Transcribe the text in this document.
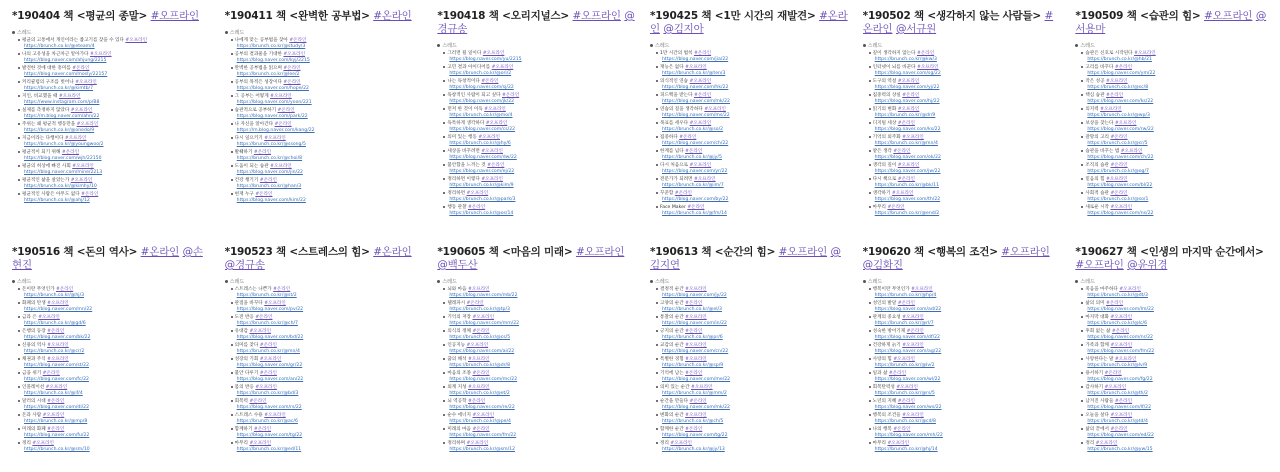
*190404 책 <평균의 종말> #오프라인
스레드
평균의 고통에서 개인이라는 좁고기를 찾을 수 있다 #오프라인
https://brunch.co.kr/@eteam/4
나의 고유성을 차근차근 알아가다 #오프라인
https://blog.naver.com/ahjung/2215
발견한 것에 대한 흥미를 #온라인
https://blog.naver.com/mosly/22157
커리큘럼의 구조를 벗어나 #오프라인
https://brunch.co.kr/@kimtb/7
지인, 비교했을 때 #오프라인
https://www.instagram.com/p/B8
실제를 측정하지 않았다 #오프라인
https://m.blog.naver.com/ahn/22
주위는 왜 평균적 행동만을 #오프라인
https://brunch.co.kr/@onedo/9
지금이라는 다행이다 #오프라인
https://brunch.co.kr/@youngwoo/2
평균적이 되기 위해 #온라인
https://blog.naver.com/wjh/22150
평균의 허상에 빠진 사회 #오프라인
https://blog.naver.com/mine/2213
평균적인 삶을 살았는가 #오프라인
https://brunch.co.kr/@kimhy/10
평균적인 사람은 아무도 없다 #온라인
https://brunch.co.kr/@ahj/12
*190411 책 <완벽한 공부법> #온라인
스레드
나에게 맞는 공부법을 찾아 #온라인
https://brunch.co.kr/@study/3
공부의 결과물을 기대한 #오프라인
https://blog.naver.com/kyj/2215
완벽한 공부법을 읽으며 #온라인
https://brunch.co.kr/@lee/2
공부의 목적은 성장이다 #온라인
https://blog.naver.com/hope/22
그 공부는 어떻게 #오프라인
https://blog.naver.com/yoon/221
습관적으로 공부하기 #온라인
https://blog.naver.com/park/22
나 자신을 알아간다 #온라인
https://m.blog.naver.com/kang/22
다시 일으키기 #오프라인
https://brunch.co.kr/@ssong/5
발췌하기 #온라인
https://brunch.co.kr/@choi/8
도움이 되는 습관 #오프라인
https://blog.naver.com/jin/22
건강 챙기기 #온라인
https://brunch.co.kr/@han/3
현재 누구 #온라인
https://blog.naver.com/kim/22
*190418 책 <오리지널스> #오프라인 @경규송
스레드
그러면 될 일이다 #오프라인
https://blog.naver.com/yu/2215
고민 결과 아이디어를 #오프라인
https://brunch.co.kr/@ori/2
나는 독창적이다 #온라인
https://blog.naver.com/sj/22
독창적인 사람이 되고 싶다 #온라인
https://blog.naver.com/jk/22
먼저 한 것이 이득 #오프라인
https://brunch.co.kr/@mo/4
독특하게 생각하다 #오프라인
https://blog.naver.com/cs/22
의미 있는 행동 #오프라인
https://brunch.co.kr/@hy/6
세상을 바꾸려면 #오프라인
https://blog.naver.com/dw/22
불안함을 느끼는 것 #온라인
https://blog.naver.com/ej/22
정리하면 이렇다 #오프라인
https://brunch.co.kr/@kim/9
정리하면 #오프라인
https://brunch.co.kr/@park/3
행동 관찰 #온라인
https://brunch.co.kr/@os/14
*190425 책 <1만 시간의 재발견> #온라인 @김지아
스레드
1만 시간의 법칙 #온라인
https://blog.naver.com/jia/22
재능은 없다 #오프라인
https://brunch.co.kr/@ten/3
의식적인 연습 #오프라인
https://blog.naver.com/hk/22
피드백을 받는다 #온라인
https://blog.naver.com/mk/22
연습의 질을 생각하다 #오프라인
https://blog.naver.com/ms/22
목표를 세우다 #오프라인
https://brunch.co.kr/@so/2
집중하다 #온라인
https://blog.naver.com/ch/22
한계를 넘다 #온라인
https://brunch.co.kr/@jy/5
다시 처음으로 #오프라인
https://blog.naver.com/yr/22
전문가가 되려면 #오프라인
https://brunch.co.kr/@im/7
꾸준함 #온라인
https://blog.naver.com/by/22
Face Maker #온라인
https://brunch.co.kr/@fm/14
*190502 책 <생각하지 않는 사람들> #온라인 @서규원
스레드
깊이 생각하지 않는다 #온라인
https://brunch.co.kr/@kw/3
인터넷이 뇌를 바꾼다 #오프라인
https://blog.naver.com/sg/22
도구의 역설 #오프라인
https://blog.naver.com/yj/22
집중력의 상실 #온라인
https://blog.naver.com/hj/22
읽기의 변화 #오프라인
https://brunch.co.kr/@dr/9
디지털 세상 #온라인
https://blog.naver.com/ks/22
기억의 외주화 #오프라인
https://brunch.co.kr/@mn/4
얕은 생각 #온라인
https://blog.naver.com/ok/22
생각의 깊이 #오프라인
https://blog.naver.com/jw/22
다시 책으로 #온라인
https://brunch.co.kr/@bk/11
생각하기 #오프라인
https://blog.naver.com/th/22
마무리 #온라인
https://brunch.co.kr/@end/2
*190509 책 <습관의 힘> #오프라인 @서용마
스레드
습관은 신호로 시작된다 #오프라인
https://brunch.co.kr/@hb/21
고리를 바꾸다 #온라인
https://blog.naver.com/ym/22
작은 성공 #오프라인
https://brunch.co.kr/@sc/8
핵심 습관 #온라인
https://blog.naver.com/ks/22
의지력 #오프라인
https://brunch.co.kr/@wp/3
보상을 찾는다 #오프라인
https://blog.naver.com/rw/22
갈망의 고리 #온라인
https://brunch.co.kr/@cr/5
습관을 바꾸는 법 #오프라인
https://blog.naver.com/ch/22
조직의 습관 #온라인
https://brunch.co.kr/@og/7
믿음의 힘 #오프라인
https://blog.naver.com/bl/22
사회적 습관 #온라인
https://brunch.co.kr/@so/1
새로운 시작 #오프라인
https://blog.naver.com/ns/22
*190516 책 <돈의 역사> #온라인 @손현진
스레드
돈이란 무엇인가 #온라인
https://brunch.co.kr/@hj/3
화폐의 탄생 #오프라인
https://blog.naver.com/mn/22
금과 은 #오프라인
https://brunch.co.kr/@gd/6
은행의 등장 #온라인
https://blog.naver.com/bk/22
신용의 역사 #오프라인
https://brunch.co.kr/@cr/2
채권과 주식 #오프라인
https://blog.naver.com/st/22
금융 위기 #온라인
https://blog.naver.com/fc/22
인플레이션 #오프라인
https://brunch.co.kr/@if/4
달러의 시대 #온라인
https://blog.naver.com/dl/22
돈과 사람 #오프라인
https://brunch.co.kr/@mp/8
미래의 화폐 #온라인
https://blog.naver.com/fu/22
정리 #오프라인
https://brunch.co.kr/@sm/10
*190523 책 <스트레스의 힘> #온라인 @경규송
스레드
스트레스는 나쁜가 #온라인
https://brunch.co.kr/@st/2
관점을 바꾸다 #오프라인
https://blog.naver.com/pv/22
도전 반응 #온라인
https://brunch.co.kr/@ch/7
유대감 #오프라인
https://blog.naver.com/bd/22
의미를 찾다 #온라인
https://brunch.co.kr/@mn/4
성장의 기회 #오프라인
https://blog.naver.com/gr/22
불안 다루기 #온라인
https://blog.naver.com/an/22
몸의 반응 #오프라인
https://brunch.co.kr/@bd/3
회복력 #온라인
https://blog.naver.com/rs/22
스트레스 수용 #오프라인
https://brunch.co.kr/@ac/6
함께하기 #온라인
https://blog.naver.com/tg/22
마무리 #오프라인
https://brunch.co.kr/@ed/11
*190605 책 <마음의 미래> #오프라인 @백두산
스레드
뇌와 마음 #오프라인
https://blog.naver.com/mb/22
텔레파시 #온라인
https://brunch.co.kr/@tp/3
기억의 저장 #오프라인
https://blog.naver.com/mm/22
의식의 정체 #온라인
https://brunch.co.kr/@cs/5
인공지능 #오프라인
https://blog.naver.com/ai/22
꿈의 해석 #오프라인
https://brunch.co.kr/@dr/8
마음의 조종 #온라인
https://blog.naver.com/mc/22
외계 지성 #오프라인
https://brunch.co.kr/@et/2
뇌 역공학 #온라인
https://blog.naver.com/re/22
순수 에너지 #오프라인
https://brunch.co.kr/@pe/4
미래의 마음 #온라인
https://blog.naver.com/fm/22
정리하며 #오프라인
https://brunch.co.kr/@sm/12
*190613 책 <순간의 힘> #오프라인 @김지연
스레드
결정적 순간 #오프라인
https://blog.naver.com/jy/22
고양의 순간 #온라인
https://brunch.co.kr/@el/3
통찰의 순간 #오프라인
https://blog.naver.com/in/22
긍지의 순간 #온라인
https://brunch.co.kr/@pr/6
교감의 순간 #오프라인
https://blog.naver.com/cn/22
특별한 경험 #오프라인
https://brunch.co.kr/@sp/9
기억에 남는 #온라인
https://blog.naver.com/me/22
의미 있는 순간 #오프라인
https://brunch.co.kr/@mm/2
순간을 만들다 #온라인
https://blog.naver.com/mk/22
변화의 순간 #오프라인
https://brunch.co.kr/@ch/5
함께한 순간 #온라인
https://blog.naver.com/tg/22
정리 #오프라인
https://brunch.co.kr/@jy/13
*190620 책 <행복의 조건> #오프라인 @김화진
스레드
행복이란 무엇인가 #오프라인
https://brunch.co.kr/@hp/4
성인의 발달 #온라인
https://blog.naver.com/ad/22
관계의 중요성 #오프라인
https://brunch.co.kr/@rl/7
성숙한 방어기제 #온라인
https://blog.naver.com/df/22
건강하게 늙기 #오프라인
https://blog.naver.com/ag/22
사랑의 힘 #오프라인
https://brunch.co.kr/@lv/2
일과 삶 #온라인
https://blog.naver.com/wl/22
회복탄력성 #오프라인
https://brunch.co.kr/@rs/5
노년의 지혜 #온라인
https://blog.naver.com/ws/22
행복의 조건들 #오프라인
https://brunch.co.kr/@cd/8
나의 행복 #온라인
https://blog.naver.com/mh/22
마무리 #오프라인
https://brunch.co.kr/@hj/14
*190627 책 <인생의 마지막 순간에서> #오프라인 @윤위경
스레드
죽음을 마주하다 #오프라인
https://brunch.co.kr/@dt/3
삶의 의미 #온라인
https://blog.naver.com/lm/22
마지막 대화 #오프라인
https://brunch.co.kr/@lc/6
후회 없는 삶 #온라인
https://blog.naver.com/nr/22
가족과 함께 #오프라인
https://blog.naver.com/fm/22
사랑한다는 말 #오프라인
https://brunch.co.kr/@lv/9
용서하기 #온라인
https://blog.naver.com/fg/22
감사하기 #오프라인
https://brunch.co.kr/@th/2
남겨진 사람들 #온라인
https://blog.naver.com/lf/22
오늘을 살다 #오프라인
https://brunch.co.kr/@td/4
삶의 끝에서 #온라인
https://blog.naver.com/ed/22
정리 #오프라인
https://brunch.co.kr/@yw/15
